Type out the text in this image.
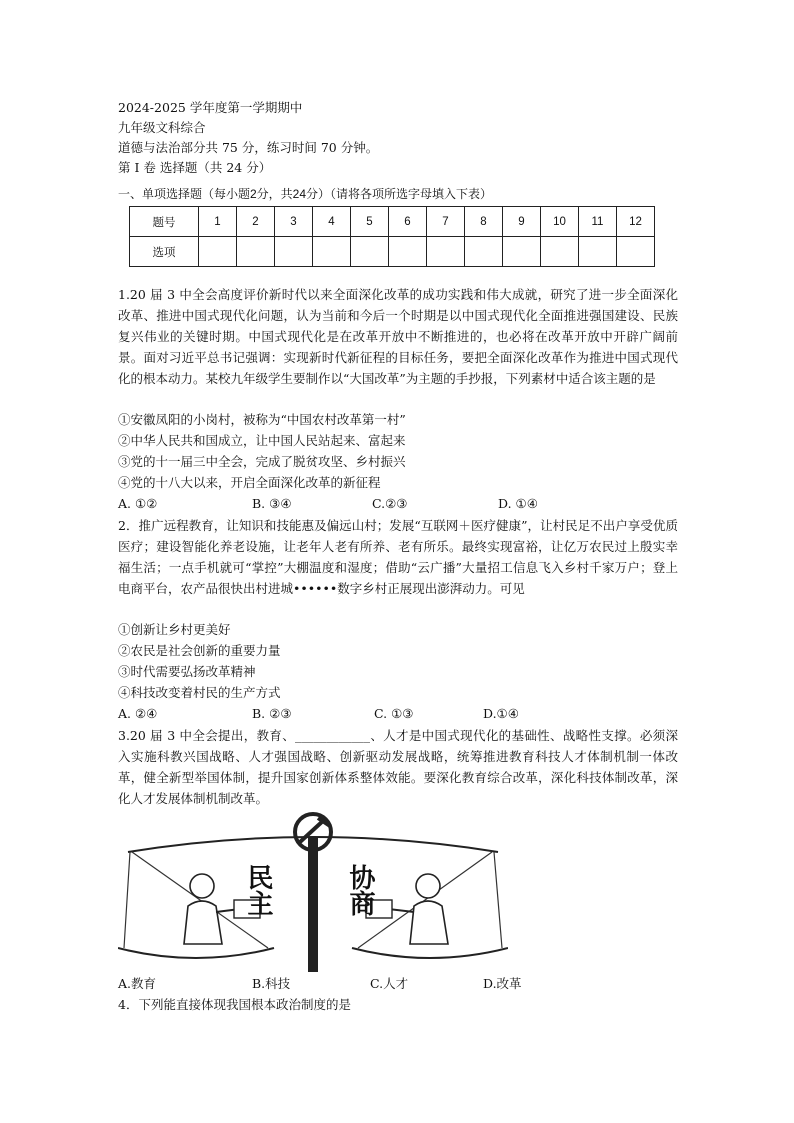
2024-2025 学年度第一学期期中
九年级文科综合
道德与法治部分共 75 分，练习时间 70 分钟。
第 I 卷 选择题（共 24 分）
一、单项选择题（每小题2分，共24分）（请将各项所选字母填入下表）
题号	1	2	3	4	5	6	7	8	9	10	11	12
选项												
1.20 届 3 中全会高度评价新时代以来全面深化改革的成功实践和伟大成就，研究了进一步全面深化改革、推进中国式现代化问题，认为当前和今后一个时期是以中国式现代化全面推进强国建设、民族复兴伟业的关键时期。中国式现代化是在改革开放中不断推进的，也必将在改革开放中开辟广阔前景。面对习近平总书记强调：实现新时代新征程的目标任务，要把全面深化改革作为推进中国式现代化的根本动力。某校九年级学生要制作以“大国改革”为主题的手抄报，下列素材中适合该主题的是
①安徽凤阳的小岗村，被称为“中国农村改革第一村”
②中华人民共和国成立，让中国人民站起来、富起来
③党的十一届三中全会，完成了脱贫攻坚、乡村振兴
④党的十八大以来，开启全面深化改革的新征程
A. ①②	B. ③④	C.②③	D. ①④
2．推广远程教育，让知识和技能惠及偏远山村；发展“互联网＋医疗健康”，让村民足不出户享受优质医疗；建设智能化养老设施，让老年人老有所养、老有所乐。最终实现富裕，让亿万农民过上殷实幸福生活；一点手机就可“掌控”大棚温度和湿度；借助“云广播”大量招工信息飞入乡村千家万户；登上电商平台，农产品很快出村进城••••••数字乡村正展现出澎湃动力。可见
①创新让乡村更美好
②农民是社会创新的重要力量
③时代需要弘扬改革精神
④科技改变着村民的生产方式
A. ②④	B. ②③	C. ①③	D.①④
3.20 届 3 中全会提出，教育、____________、人才是中国式现代化的基础性、战略性支撑。必须深入实施科教兴国战略、人才强国战略、创新驱动发展战略，统筹推进教育科技人才体制机制一体改革，健全新型举国体制，提升国家创新体系整体效能。要深化教育综合改革，深化科技体制改革，深化人才发展体制机制改革。
民主	协商
A.教育	B.科技	C.人才	D.改革
4．下列能直接体现我国根本政治制度的是
